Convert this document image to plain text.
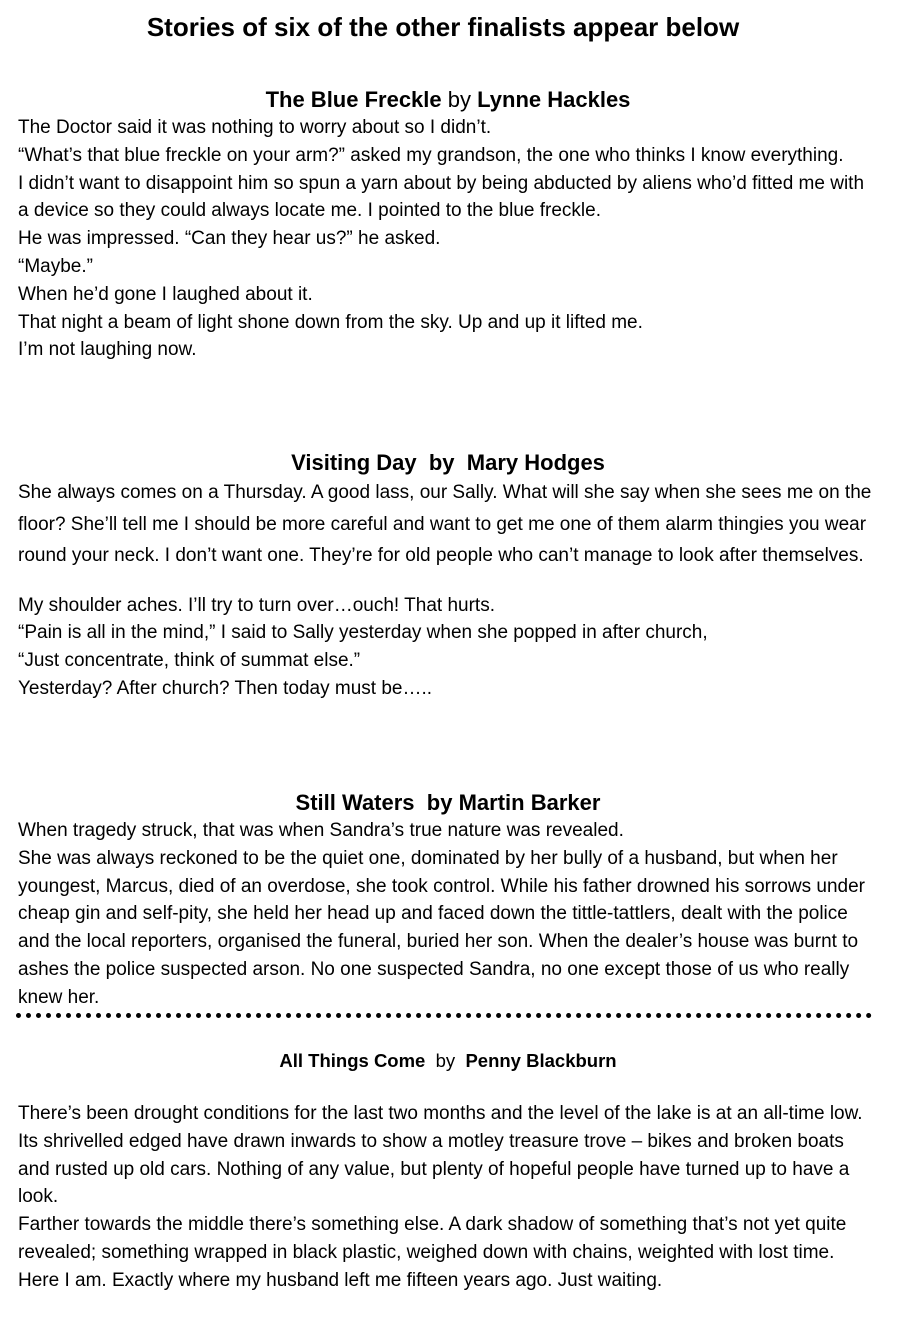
Stories of six of the other finalists appear below
The Blue Freckle by Lynne Hackles

The Doctor said it was nothing to worry about so I didn’t.

“What’s that blue freckle on your arm?” asked my grandson, the one who thinks I know everything.

I didn’t want to disappoint him so spun a yarn about by being abducted by aliens who’d fitted me with a device so they could always locate me. I pointed to the blue freckle.

He was impressed. “Can they hear us?” he asked.

“Maybe.”

When he’d gone I laughed about it.

That night a beam of light shone down from the sky. Up and up it lifted me.

I’m not laughing now.

Visiting Day by Mary Hodges

She always comes on a Thursday. A good lass, our Sally. What will she say when she sees me on the floor? She’ll tell me I should be more careful and want to get me one of them alarm thingies you wear round your neck. I don’t want one. They’re for old people who can’t manage to look after themselves.

My shoulder aches. I’ll try to turn over…ouch! That hurts.

“Pain is all in the mind,” I said to Sally yesterday when she popped in after church,

“Just concentrate, think of summat else.”

Yesterday? After church? Then today must be…..

Still Waters by Martin Barker

When tragedy struck, that was when Sandra’s true nature was revealed.

She was always reckoned to be the quiet one, dominated by her bully of a husband, but when her youngest, Marcus, died of an overdose, she took control. While his father drowned his sorrows under cheap gin and self-pity, she held her head up and faced down the tittle-tattlers, dealt with the police and the local reporters, organised the funeral, buried her son. When the dealer’s house was burnt to ashes the police suspected arson. No one suspected Sandra, no one except those of us who really knew her.

All Things Come by Penny Blackburn

There’s been drought conditions for the last two months and the level of the lake is at an all-time low. Its shrivelled edged have drawn inwards to show a motley treasure trove – bikes and broken boats and rusted up old cars. Nothing of any value, but plenty of hopeful people have turned up to have a look.

Farther towards the middle there’s something else. A dark shadow of something that’s not yet quite revealed; something wrapped in black plastic, weighed down with chains, weighted with lost time.

Here I am. Exactly where my husband left me fifteen years ago. Just waiting.
